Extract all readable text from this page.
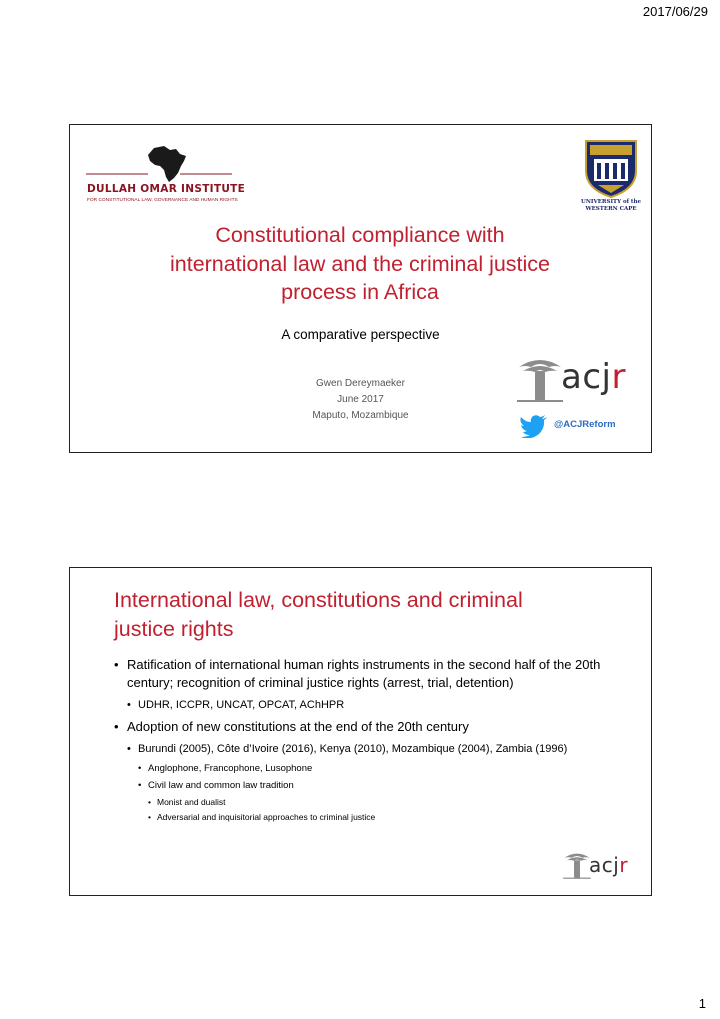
2017/06/29
DULLAH OMAR INSTITUTE
FOR CONSTITUTIONAL LAW, GOVERNANCE AND HUMAN RIGHTS	UNIVERSITY of the
WESTERN CAPE
Constitutional compliance with
international law and the criminal justice
process in Africa
A comparative perspective
Gwen Dereymaeker
June 2017
Maputo, Mozambique
acjr
@ACJReform
International law, constitutions and criminal
justice rights
• Ratification of international human rights instruments in the second half of the 20th century; recognition of criminal justice rights (arrest, trial, detention)
• UDHR, ICCPR, UNCAT, OPCAT, AChHPR
• Adoption of new constitutions at the end of the 20th century
• Burundi (2005), Côte d’Ivoire (2016), Kenya (2010), Mozambique (2004), Zambia (1996)
• Anglophone, Francophone, Lusophone
• Civil law and common law tradition
• Monist and dualist
• Adversarial and inquisitorial approaches to criminal justice
acjr
1
